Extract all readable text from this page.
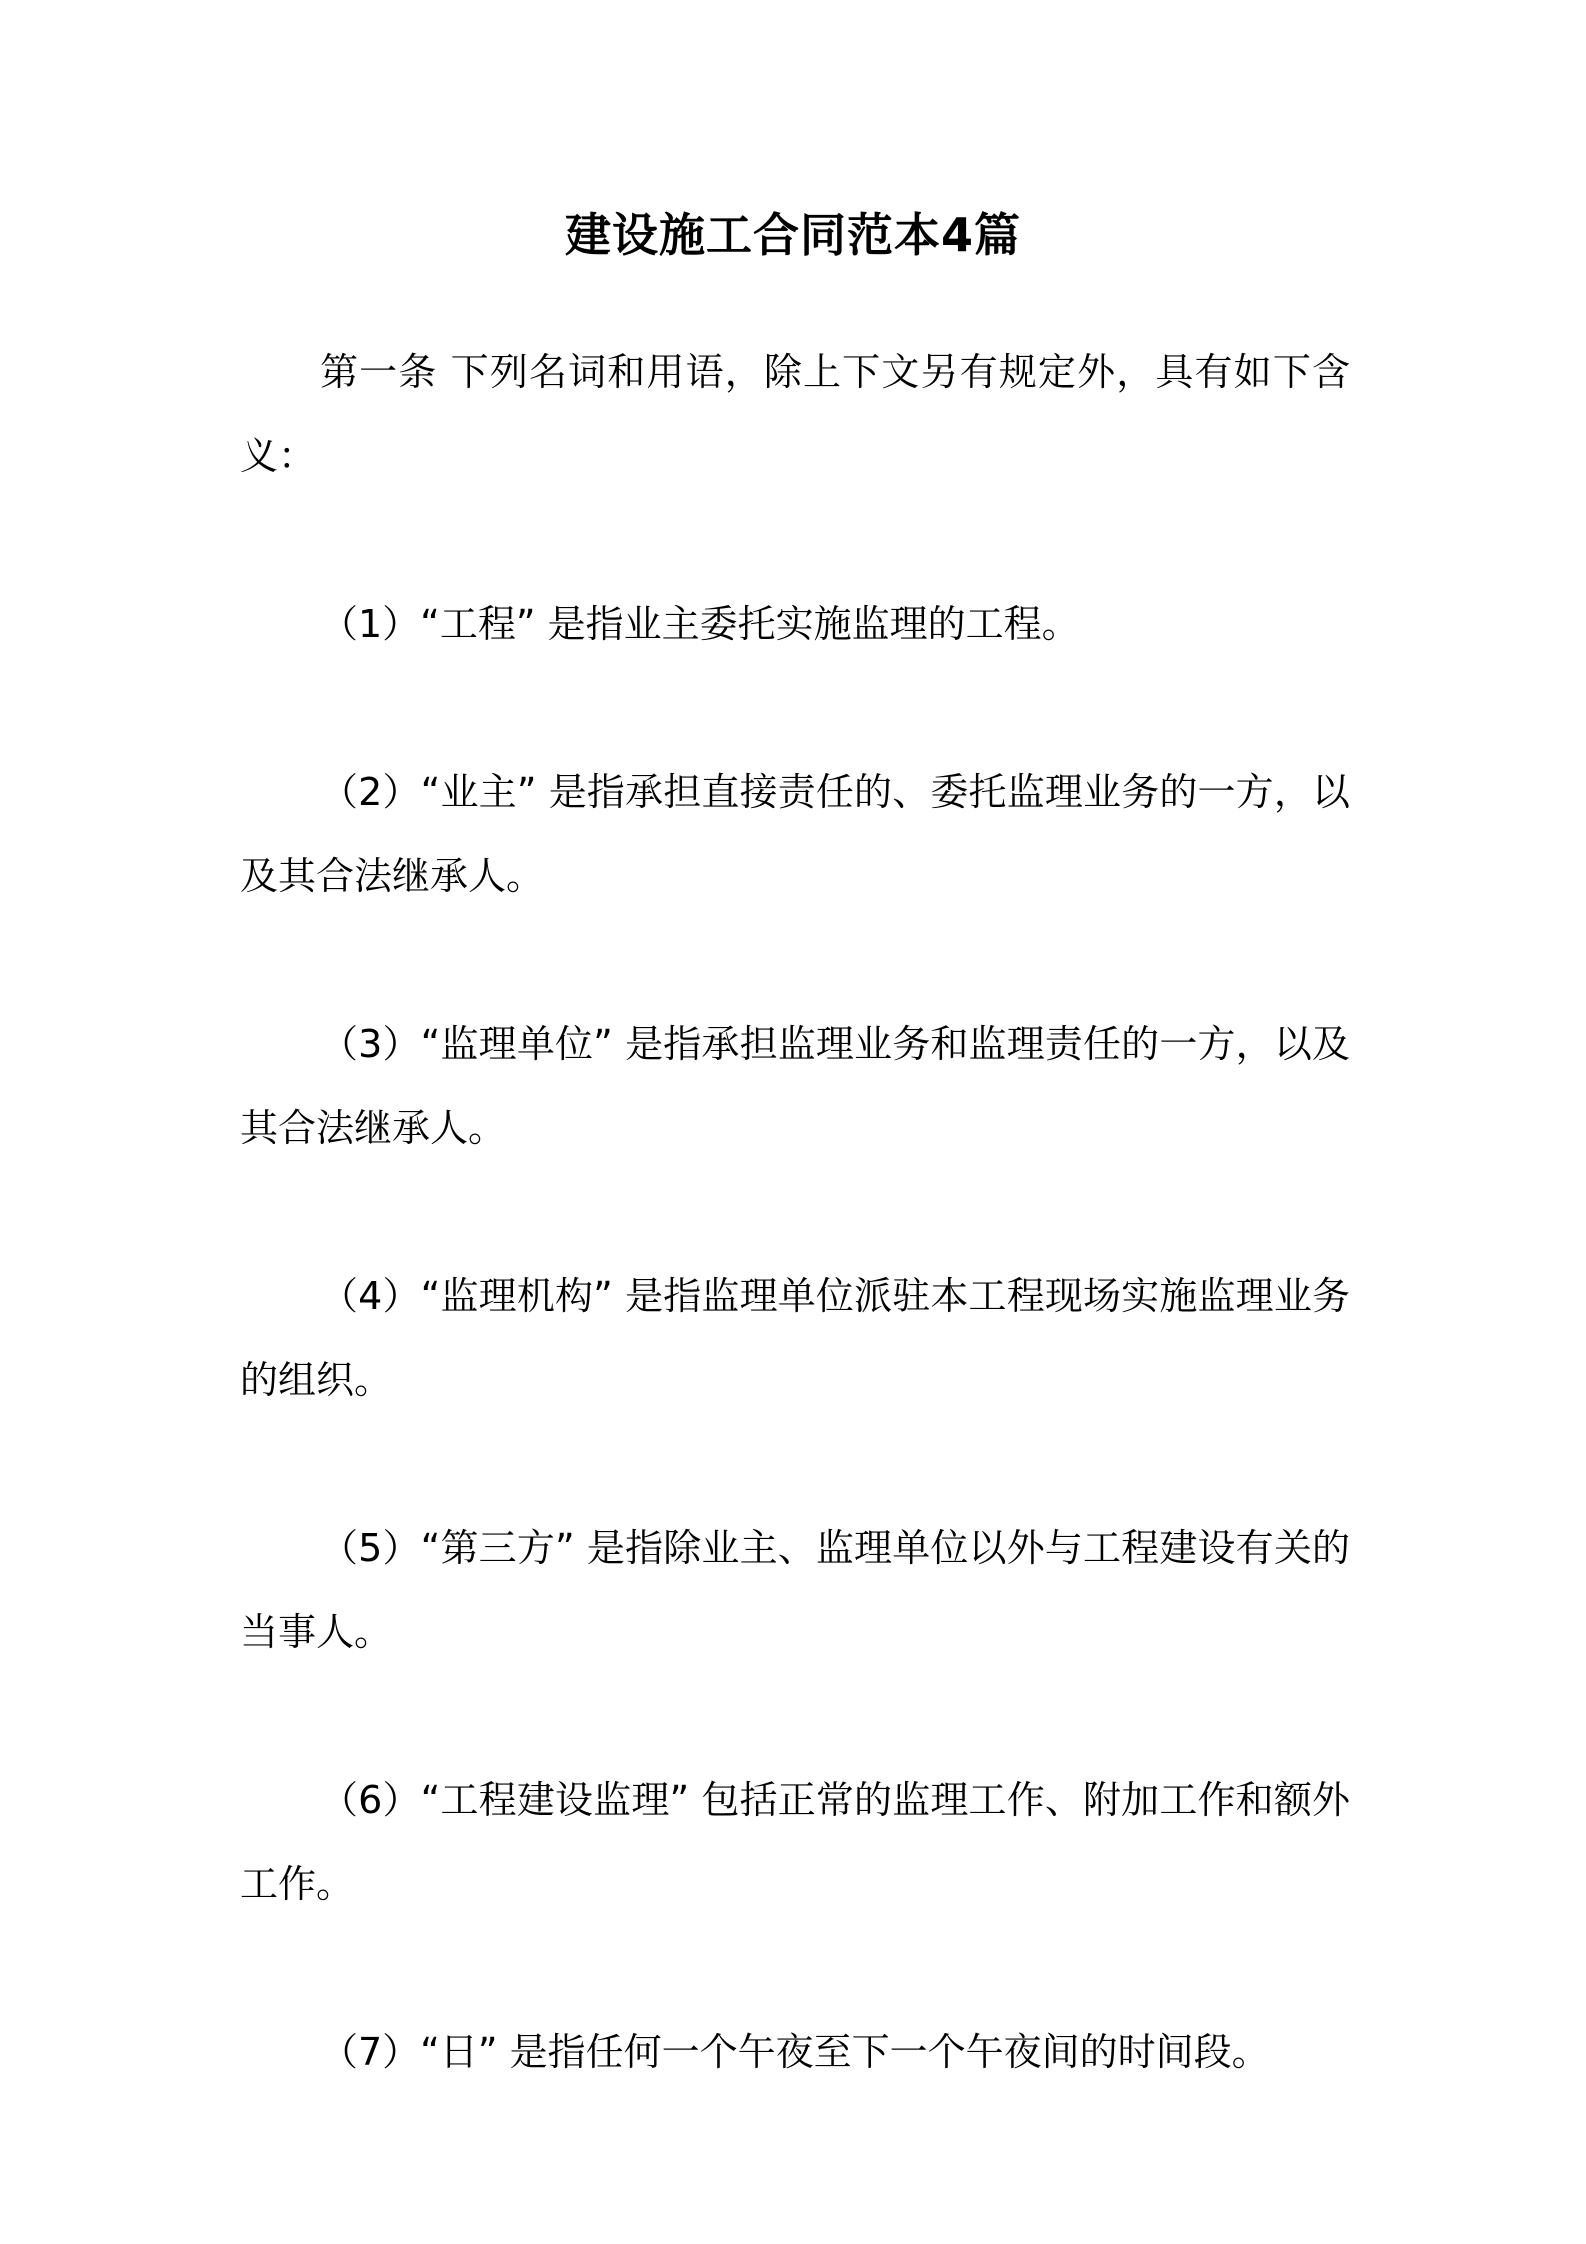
建设施工合同范本4篇

第一条 下列名词和用语，除上下文另有规定外，具有如下含义：

（1）“工程” 是指业主委托实施监理的工程。

（2）“业主” 是指承担直接责任的、委托监理业务的一方，以及其合法继承人。

（3）“监理单位” 是指承担监理业务和监理责任的一方，以及其合法继承人。

（4）“监理机构” 是指监理单位派驻本工程现场实施监理业务的组织。

（5）“第三方” 是指除业主、监理单位以外与工程建设有关的当事人。

（6）“工程建设监理” 包括正常的监理工作、附加工作和额外工作。

（7）“日” 是指任何一个午夜至下一个午夜间的时间段。
